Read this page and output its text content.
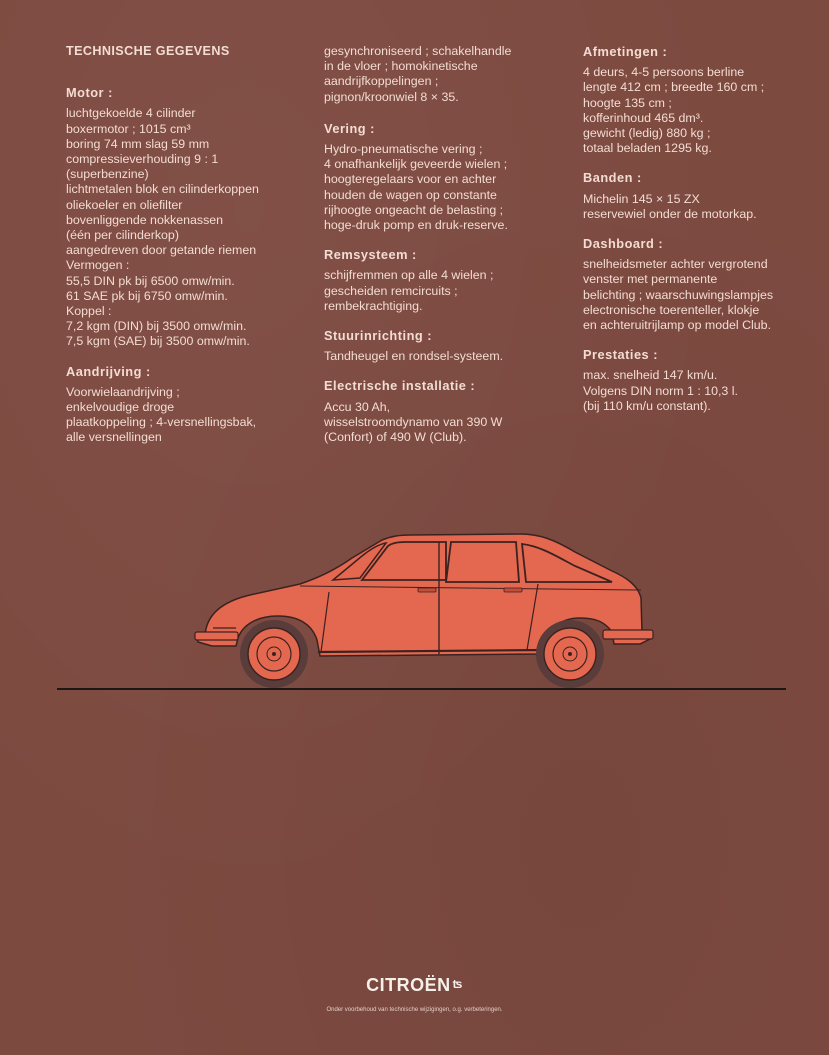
TECHNISCHE GEGEVENS
Motor :
luchtgekoelde 4 cilinder
boxermotor ; 1015 cm³
boring 74 mm slag 59 mm
compressieverhouding 9 : 1
(superbenzine)
lichtmetalen blok en cilinderkoppen
oliekoeler en oliefilter
bovenliggende nokkenassen
(één per cilinderkop)
aangedreven door getande riemen
Vermogen :
55,5 DIN pk bij 6500 omw/min.
61 SAE pk bij 6750 omw/min.
Koppel :
7,2 kgm (DIN) bij 3500 omw/min.
7,5 kgm (SAE) bij 3500 omw/min.
Aandrijving :
Voorwielaandrijving ;
enkelvoudige droge
plaatkoppeling ; 4-versnellingsbak,
alle versnellingen
gesynchroniseerd ; schakelhandle
in de vloer ; homokinetische
aandrijfkoppelingen ;
pignon/kroonwiel 8 × 35.
Vering :
Hydro-pneumatische vering ;
4 onafhankelijk geveerde wielen ;
hoogteregelaars voor en achter
houden de wagen op constante
rijhoogte ongeacht de belasting ;
hoge-druk pomp en druk-reserve.
Remsysteem :
schijfremmen op alle 4 wielen ;
gescheiden remcircuits ;
rembekrachtiging.
Stuurinrichting :
Tandheugel en rondsel-systeem.
Electrische installatie :
Accu 30 Ah,
wisselstroomdynamo van 390 W
(Confort) of 490 W (Club).
Afmetingen :
4 deurs, 4-5 persoons berline
lengte 412 cm ; breedte 160 cm ;
hoogte 135 cm ;
kofferinhoud 465 dm³.
gewicht (ledig) 880 kg ;
totaal beladen 1295 kg.
Banden :
Michelin 145 × 15 ZX
reservewiel onder de motorkap.
Dashboard :
snelheidsmeter achter vergrotend
venster met permanente
belichting ; waarschuwingslampjes
electronische toerenteller, klokje
en achteruitrijlamp op model Club.
Prestaties :
max. snelheid 147 km/u.
Volgens DIN norm 1 : 10,3 l.
(bij 110 km/u constant).
CITROËN ʦ
Onder voorbehoud van technische wijzigingen, o.g. verbeteringen.
